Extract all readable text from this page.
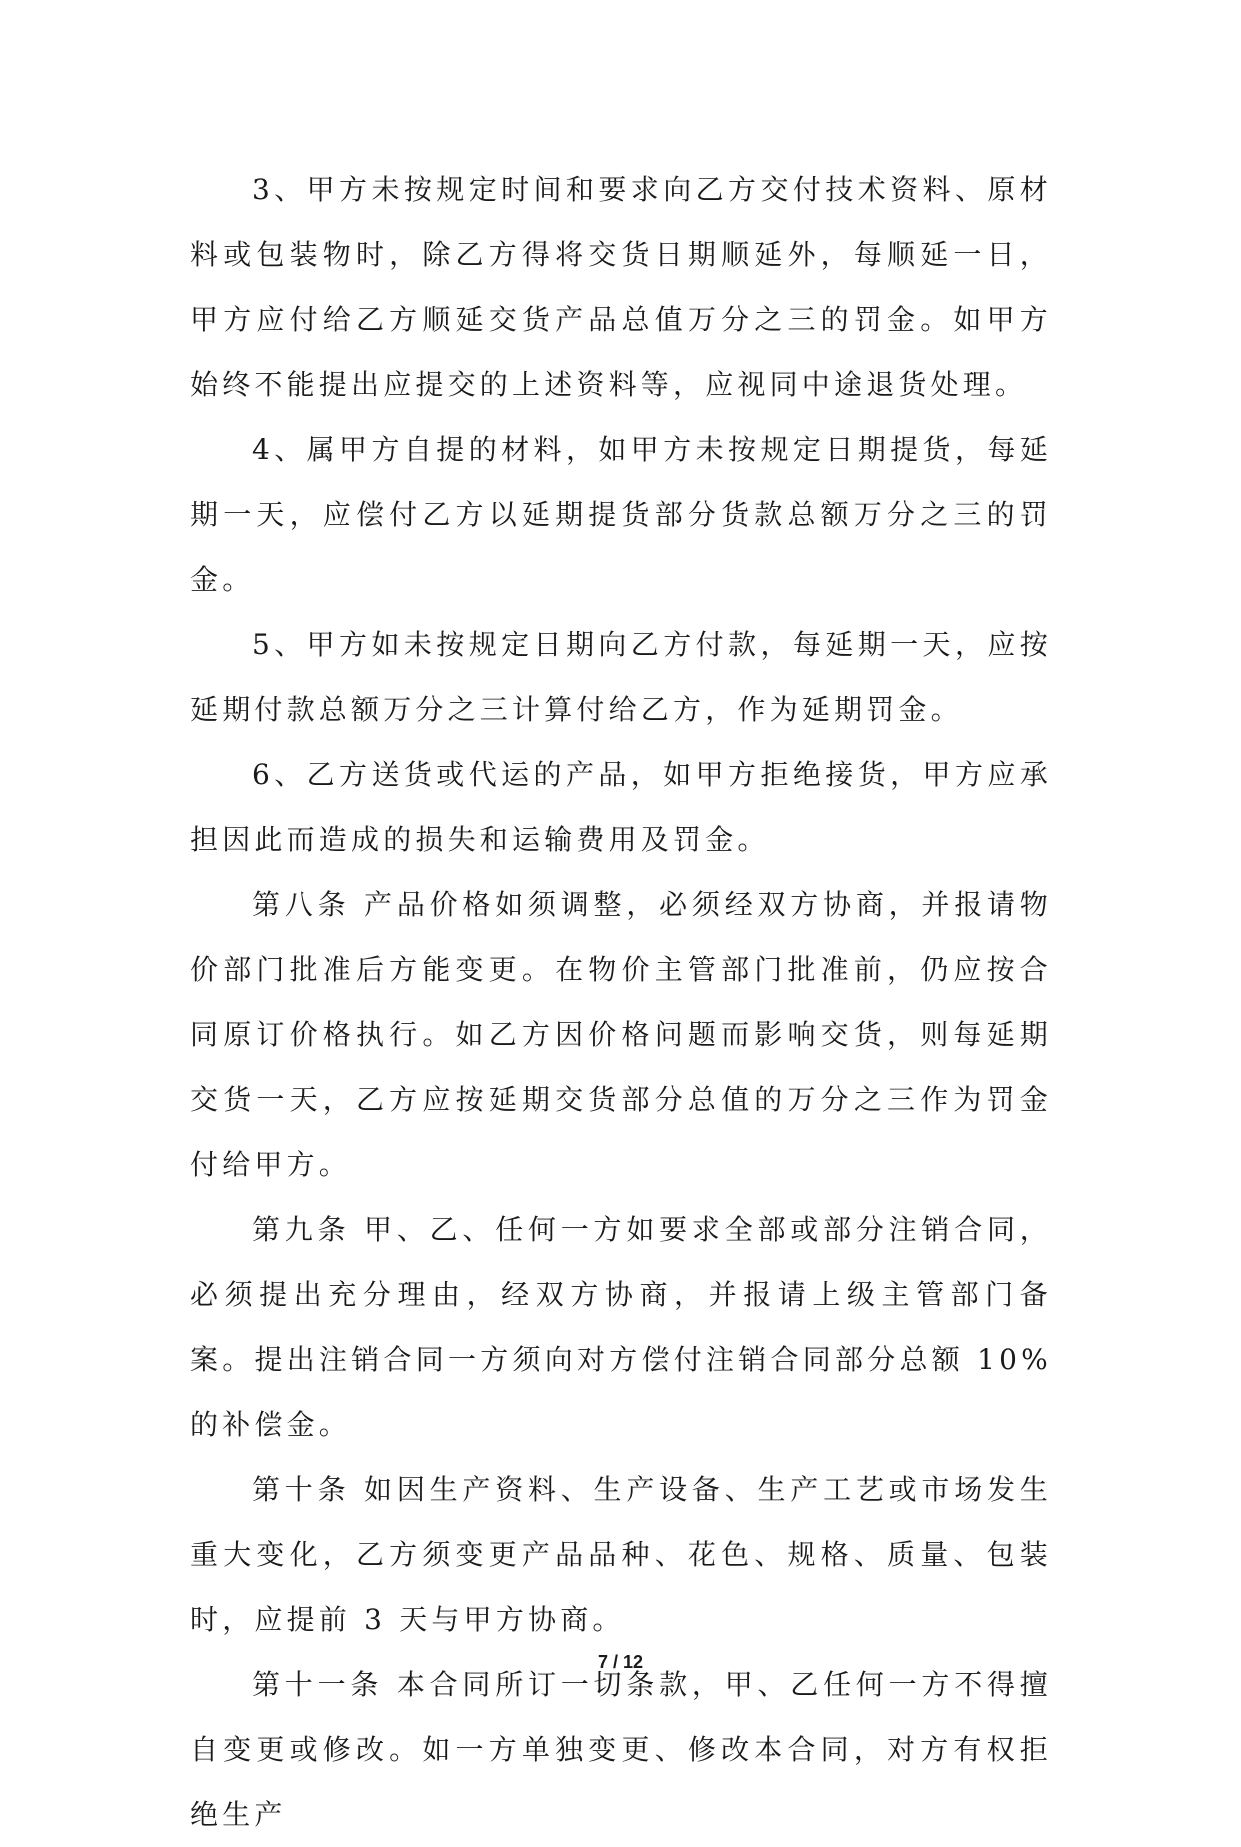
3、甲方未按规定时间和要求向乙方交付技术资料、原材料或包装物时，除乙方得将交货日期顺延外，每顺延一日，甲方应付给乙方顺延交货产品总值万分之三的罚金。如甲方始终不能提出应提交的上述资料等，应视同中途退货处理。

4、属甲方自提的材料，如甲方未按规定日期提货，每延期一天，应偿付乙方以延期提货部分货款总额万分之三的罚金。

5、甲方如未按规定日期向乙方付款，每延期一天，应按延期付款总额万分之三计算付给乙方，作为延期罚金。

6、乙方送货或代运的产品，如甲方拒绝接货，甲方应承担因此而造成的损失和运输费用及罚金。

第八条 产品价格如须调整，必须经双方协商，并报请物价部门批准后方能变更。在物价主管部门批准前，仍应按合同原订价格执行。如乙方因价格问题而影响交货，则每延期交货一天，乙方应按延期交货部分总值的万分之三作为罚金付给甲方。

第九条 甲、乙、任何一方如要求全部或部分注销合同，必须提出充分理由，经双方协商，并报请上级主管部门备案。提出注销合同一方须向对方偿付注销合同部分总额 10%的补偿金。

第十条 如因生产资料、生产设备、生产工艺或市场发生重大变化，乙方须变更产品品种、花色、规格、质量、包装时，应提前 3 天与甲方协商。

第十一条 本合同所订一切条款，甲、乙任何一方不得擅自变更或修改。如一方单独变更、修改本合同，对方有权拒绝生产

7 / 12
